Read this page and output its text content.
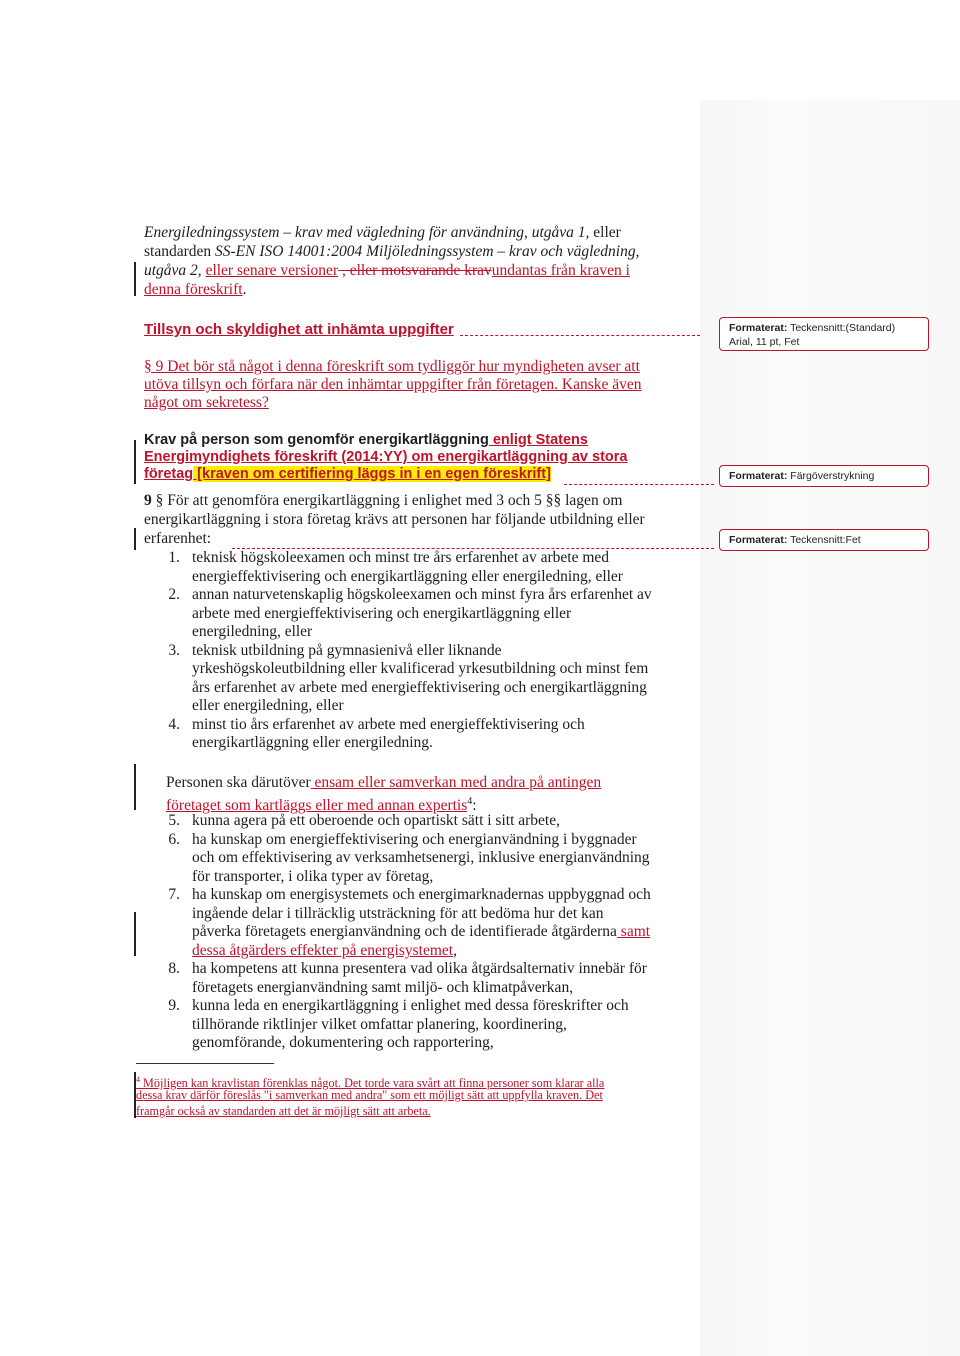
Energiledningssystem – krav med vägledning för användning, utgåva 1, eller
standarden SS-EN ISO 14001:2004 Miljöledningssystem – krav och vägledning,
utgåva 2, eller senare versioner , eller motsvarande kravundantas från kraven i
denna föreskrift.
Tillsyn och skyldighet att inhämta uppgifter
§ 9 Det bör stå något i denna föreskrift som tydliggör hur myndigheten avser att
utöva tillsyn och förfara när den inhämtar uppgifter från företagen. Kanske även
något om sekretess?
Krav på person som genomför energikartläggning enligt Statens
Energimyndighets föreskrift (2014:YY) om energikartläggning av stora
företag [kraven om certifiering läggs in i en egen föreskrift]
9 § För att genomföra energikartläggning i enlighet med 3 och 5 §§ lagen om
energikartläggning i stora företag krävs att personen har följande utbildning eller
erfarenhet:
1. teknisk högskoleexamen och minst tre års erfarenhet av arbete med
energieffektivisering och energikartläggning eller energiledning, eller
2. annan naturvetenskaplig högskoleexamen och minst fyra års erfarenhet av
arbete med energieffektivisering och energikartläggning eller
energiledning, eller
3. teknisk utbildning på gymnasienivå eller liknande
yrkeshögskoleutbildning eller kvalificerad yrkesutbildning och minst fem
års erfarenhet av arbete med energieffektivisering och energikartläggning
eller energiledning, eller
4. minst tio års erfarenhet av arbete med energieffektivisering och
energikartläggning eller energiledning.
Personen ska därutöver ensam eller samverkan med andra på antingen
företaget som kartläggs eller med annan expertis$^4$:
5. kunna agera på ett oberoende och opartiskt sätt i sitt arbete,
6. ha kunskap om energieffektivisering och energianvändning i byggnader
och om effektivisering av verksamhetsenergi, inklusive energianvändning
för transporter, i olika typer av företag,
7. ha kunskap om energisystemets och energimarknadernas uppbyggnad och
ingående delar i tillräcklig utsträckning för att bedöma hur det kan
påverka företagets energianvändning och de identifierade åtgärderna samt
8. ha kompetens att kunna presentera vad olika åtgärdsalternativ innebär för
företagets energianvändning samt miljö- och klimatpåverkan,
9. kunna leda en energikartläggning i enlighet med dessa föreskrifter och
tillhörande riktlinjer vilket omfattar planering, koordinering,
genomförande, dokumentering och rapportering,
dessa åtgärders effekter på energisystemet,
$^4$ Möjligen kan kravlistan förenklas något. Det torde vara svårt att finna personer som klarar alla
dessa krav därför föreslås "i samverkan med andra" som ett möjligt sätt att uppfylla kraven. Det
framgår också av standarden att det är möjligt sätt att arbeta.
Formaterat: Teckensnitt:(Standard)
Arial, 11 pt, Fet
Formaterat: Färgöverstrykning
Formaterat: Teckensnitt:Fet
